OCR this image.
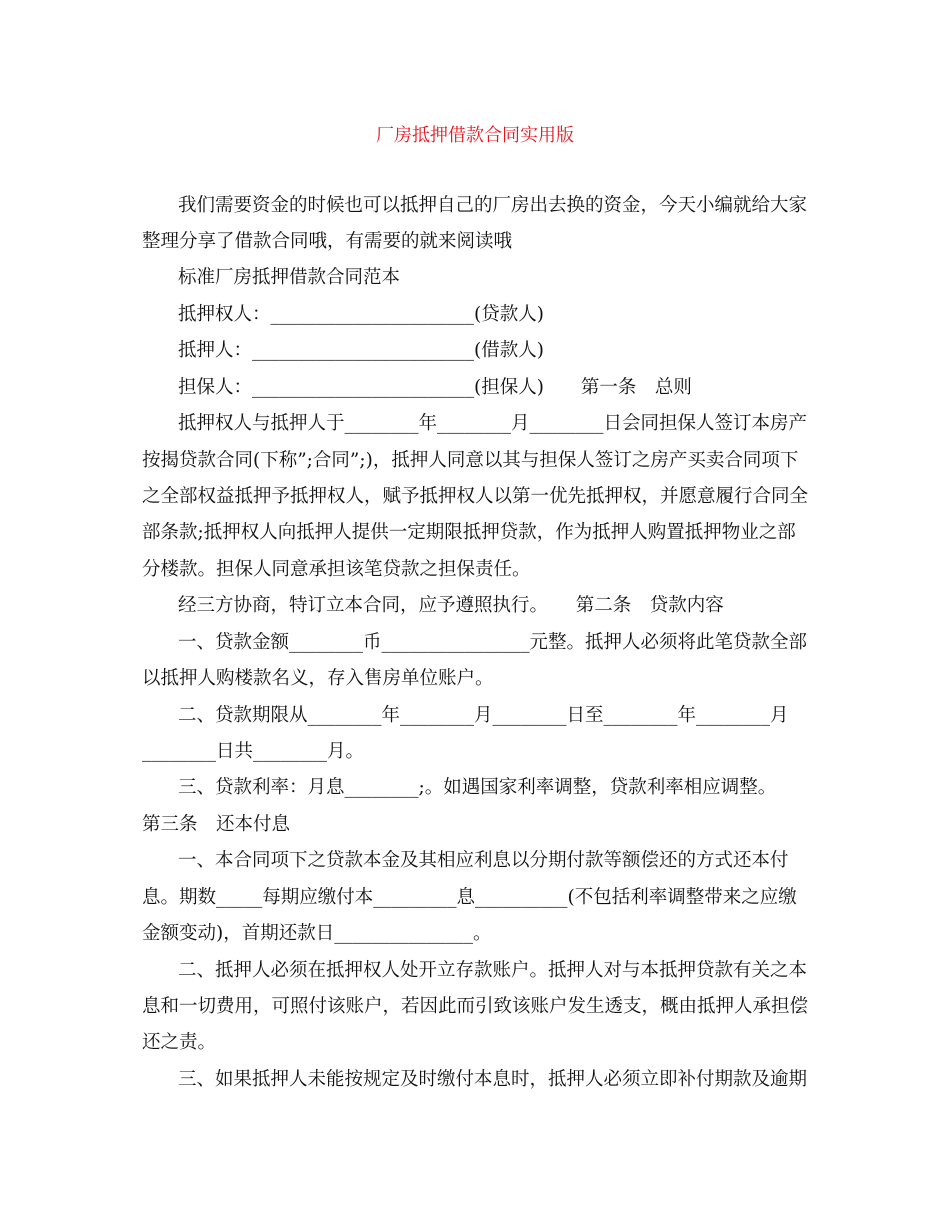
厂房抵押借款合同实用版
我们需要资金的时候也可以抵押自己的厂房出去换的资金，今天小编就给大家
整理分享了借款合同哦，有需要的就来阅读哦
标准厂房抵押借款合同范本
抵押权人：______________________(贷款人)
抵押人：________________________(借款人)
担保人：________________________(担保人)　　第一条　总则
抵押权人与抵押人于________年________月________日会同担保人签订本房产
按揭贷款合同(下称”;合同”;)，抵押人同意以其与担保人签订之房产买卖合同项下
之全部权益抵押予抵押权人，赋予抵押权人以第一优先抵押权，并愿意履行合同全
部条款;抵押权人向抵押人提供一定期限抵押贷款，作为抵押人购置抵押物业之部
分楼款。担保人同意承担该笔贷款之担保责任。
经三方协商，特订立本合同，应予遵照执行。　　第二条　贷款内容
一、贷款金额________币________________元整。抵押人必须将此笔贷款全部
以抵押人购楼款名义，存入售房单位账户。
二、贷款期限从________年________月________日至________年________月
________日共________月。
三、贷款利率：月息________;。如遇国家利率调整，贷款利率相应调整。
第三条　还本付息
一、本合同项下之贷款本金及其相应利息以分期付款等额偿还的方式还本付
息。期数_____每期应缴付本_________息__________(不包括利率调整带来之应缴
金额变动)，首期还款日_______________。
二、抵押人必须在抵押权人处开立存款账户。抵押人对与本抵押贷款有关之本
息和一切费用，可照付该账户，若因此而引致该账户发生透支，概由抵押人承担偿
还之责。
三、如果抵押人未能按规定及时缴付本息时，抵押人必须立即补付期款及逾期
